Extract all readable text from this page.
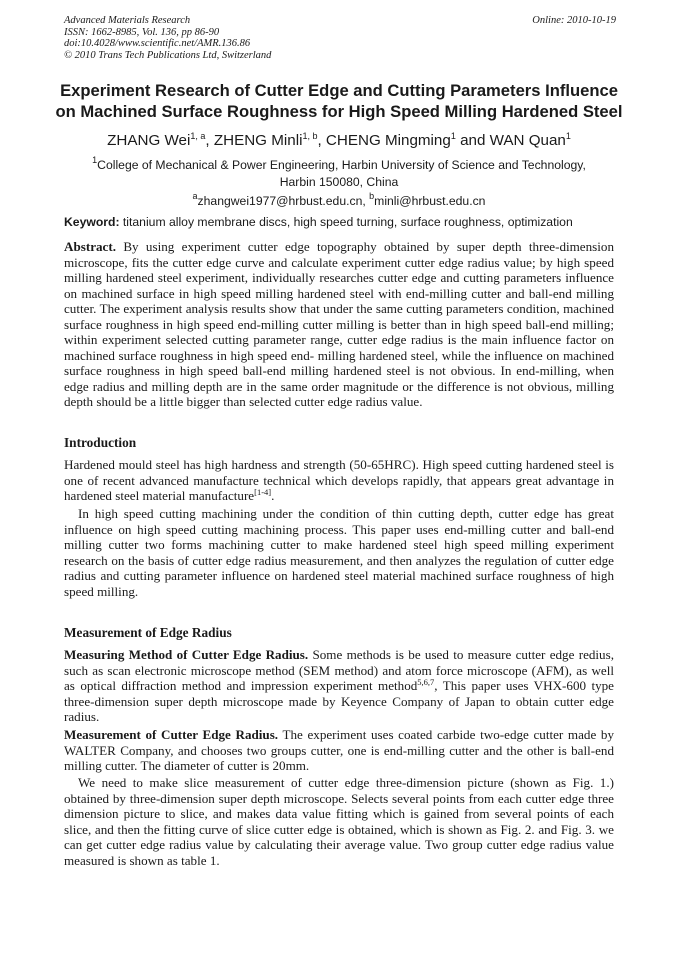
Advanced Materials Research
ISSN: 1662-8985, Vol. 136, pp 86-90
doi:10.4028/www.scientific.net/AMR.136.86
© 2010 Trans Tech Publications Ltd, Switzerland
Online: 2010-10-19
Experiment Research of Cutter Edge and Cutting Parameters Influence
on Machined Surface Roughness for High Speed Milling Hardened Steel
ZHANG Wei$^{1, a}$, ZHENG Minli$^{1, b}$, CHENG Mingming$^1$ and WAN Quan$^1$
$^1$College of Mechanical & Power Engineering, Harbin University of Science and Technology,
Harbin 150080, China
$^a$zhangwei1977@hrbust.edu.cn, $^b$minli@hrbust.edu.cn
Keyword: titanium alloy membrane discs, high speed turning, surface roughness, optimization
Abstract. By using experiment cutter edge topography obtained by super depth three-dimension microscope, fits the cutter edge curve and calculate experiment cutter edge radius value; by high speed milling hardened steel experiment, individually researches cutter edge and cutting parameters influence on machined surface in high speed milling hardened steel with end-milling cutter and ball-end milling cutter. The experiment analysis results show that under the same cutting parameters condition, machined surface roughness in high speed end-milling cutter milling is better than in high speed ball-end milling; within experiment selected cutting parameter range, cutter edge radius is the main influence factor on machined surface roughness in high speed end- milling hardened steel, while the influence on machined surface roughness in high speed ball-end milling hardened steel is not obvious. In end-milling, when edge radius and milling depth are in the same order magnitude or the difference is not obvious, milling depth should be a little bigger than selected cutter edge radius value.
Introduction
Hardened mould steel has high hardness and strength (50-65HRC). High speed cutting hardened steel is one of recent advanced manufacture technical which develops rapidly, that appears great advantage in hardened steel material manufacture[1-4].
In high speed cutting machining under the condition of thin cutting depth, cutter edge has great influence on high speed cutting machining process. This paper uses end-milling cutter and ball-end milling cutter two forms machining cutter to make hardened steel high speed milling experiment research on the basis of cutter edge radius measurement, and then analyzes the regulation of cutter edge radius and cutting parameter influence on hardened steel material machined surface roughness of high speed milling.
Measurement of Edge Radius
Measuring Method of Cutter Edge Radius. Some methods is be used to measure cutter edge redius, such as scan electronic microscope method (SEM method) and atom force microscope (AFM), as well as optical diffraction method and impression experiment method$^{5,6,7}$, This paper uses VHX-600 type three-dimension super depth microscope made by Keyence Company of Japan to obtain cutter edge radius.
Measurement of Cutter Edge Radius. The experiment uses coated carbide two-edge cutter made by WALTER Company, and chooses two groups cutter, one is end-milling cutter and the other is ball-end milling cutter. The diameter of cutter is 20mm.
We need to make slice measurement of cutter edge three-dimension picture (shown as Fig. 1.) obtained by three-dimension super depth microscope. Selects several points from each cutter edge three dimension picture to slice, and makes data value fitting which is gained from several points of each slice, and then the fitting curve of slice cutter edge is obtained, which is shown as Fig. 2. and Fig. 3. we can get cutter edge radius value by calculating their average value. Two group cutter edge radius value measured is shown as table 1.
